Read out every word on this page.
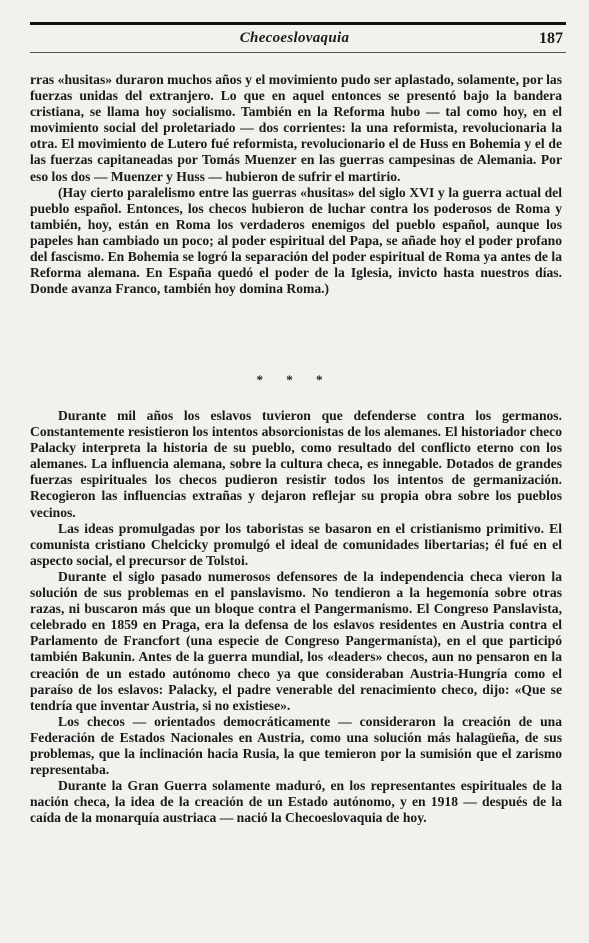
Checoeslovaquia	187

rras «husitas» duraron muchos años y el movimiento pudo ser aplastado, solamente, por las fuerzas unidas del extranjero. Lo que en aquel entonces se presentó bajo la bandera cristiana, se llama hoy socialismo. También en la Reforma hubo — tal como hoy, en el movimiento social del proletariado — dos corrientes: la una reformista, revolucionaria la otra. El movimiento de Lutero fué reformista, revolucionario el de Huss en Bohemia y el de las fuerzas capitaneadas por Tomás Muenzer en las guerras campesinas de Alemania. Por eso los dos — Muenzer y Huss — hubieron de sufrir el martirio.

(Hay cierto paralelismo entre las guerras «husitas» del siglo XVI y la guerra actual del pueblo español. Entonces, los checos hubieron de luchar contra los poderosos de Roma y también, hoy, están en Roma los verdaderos enemigos del pueblo español, aunque los papeles han cambiado un poco; al poder espiritual del Papa, se añade hoy el poder profano del fascismo. En Bohemia se logró la separación del poder espiritual de Roma ya antes de la Reforma alemana. En España quedó el poder de la Iglesia, invicto hasta nuestros días. Donde avanza Franco, también hoy domina Roma.)

* * *

Durante mil años los eslavos tuvieron que defenderse contra los germanos. Constantemente resistieron los intentos absorcionistas de los alemanes. El historiador checo Palacky interpreta la historia de su pueblo, como resultado del conflicto eterno con los alemanes. La influencia alemana, sobre la cultura checa, es innegable. Dotados de grandes fuerzas espirituales los checos pudieron resistir todos los intentos de germanización. Recogieron las influencias extrañas y dejaron reflejar su propia obra sobre los pueblos vecinos.

Las ideas promulgadas por los taboristas se basaron en el cristianismo primitivo. El comunista cristiano Chelcicky promulgó el ideal de comunidades libertarias; él fué en el aspecto social, el precursor de Tolstoi.

Durante el siglo pasado numerosos defensores de la independencia checa vieron la solución de sus problemas en el panslavismo. No tendieron a la hegemonía sobre otras razas, ni buscaron más que un bloque contra el Pangermanismo. El Congreso Panslavista, celebrado en 1859 en Praga, era la defensa de los eslavos residentes en Austria contra el Parlamento de Francfort (una especie de Congreso Pangermanísta), en el que participó también Bakunin. Antes de la guerra mundial, los «leaders» checos, aun no pensaron en la creación de un estado autónomo checo ya que consideraban Austria-Hungría como el paraíso de los eslavos: Palacky, el padre venerable del renacimiento checo, dijo: «Que se tendría que inventar Austria, si no existiese».

Los checos — orientados democráticamente — consideraron la creación de una Federación de Estados Nacionales en Austria, como una solución más halagüeña, de sus problemas, que la inclinación hacia Rusia, la que temieron por la sumisión que el zarismo representaba.

Durante la Gran Guerra solamente maduró, en los representantes espirituales de la nación checa, la idea de la creación de un Estado autónomo, y en 1918 — después de la caída de la monarquía austriaca — nació la Checoeslovaquia de hoy.
